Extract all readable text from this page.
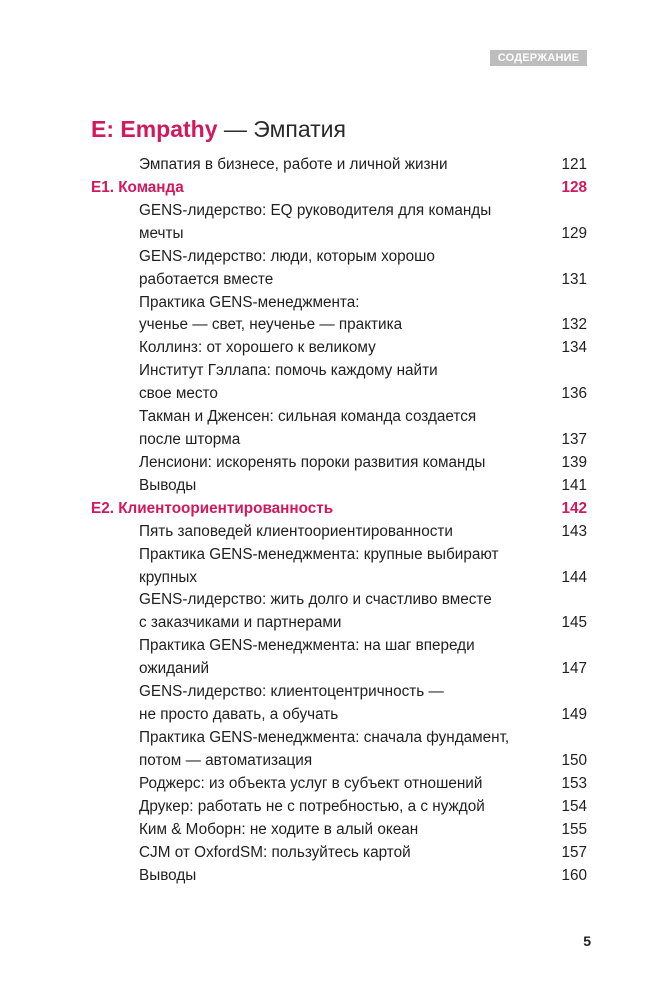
СОДЕРЖАНИЕ
E: Empathy — Эмпатия
Эмпатия в бизнесе, работе и личной жизни	121
E1. Команда	128
GENS-лидерство: EQ руководителя для команды
мечты	129
GENS-лидерство: люди, которым хорошо
работается вместе	131
Практика GENS-менеджмента:
ученье — свет, неученье — практика	132
Коллинз: от хорошего к великому	134
Институт Гэллапа: помочь каждому найти
свое место	136
Такман и Дженсен: сильная команда создается
после шторма	137
Ленсиони: искоренять пороки развития команды	139
Выводы	141
E2. Клиентоориентированность	142
Пять заповедей клиентоориентированности	143
Практика GENS-менеджмента: крупные выбирают
крупных	144
GENS-лидерство: жить долго и счастливо вместе
с заказчиками и партнерами	145
Практика GENS-менеджмента: на шаг впереди
ожиданий	147
GENS-лидерство: клиентоцентричность —
не просто давать, а обучать	149
Практика GENS-менеджмента: сначала фундамент,
потом — автоматизация	150
Роджерс: из объекта услуг в субъект отношений	153
Друкер: работать не с потребностью, а с нуждой	154
Ким & Моборн: не ходите в алый океан	155
CJM от OxfordSM: пользуйтесь картой	157
Выводы	160
5
